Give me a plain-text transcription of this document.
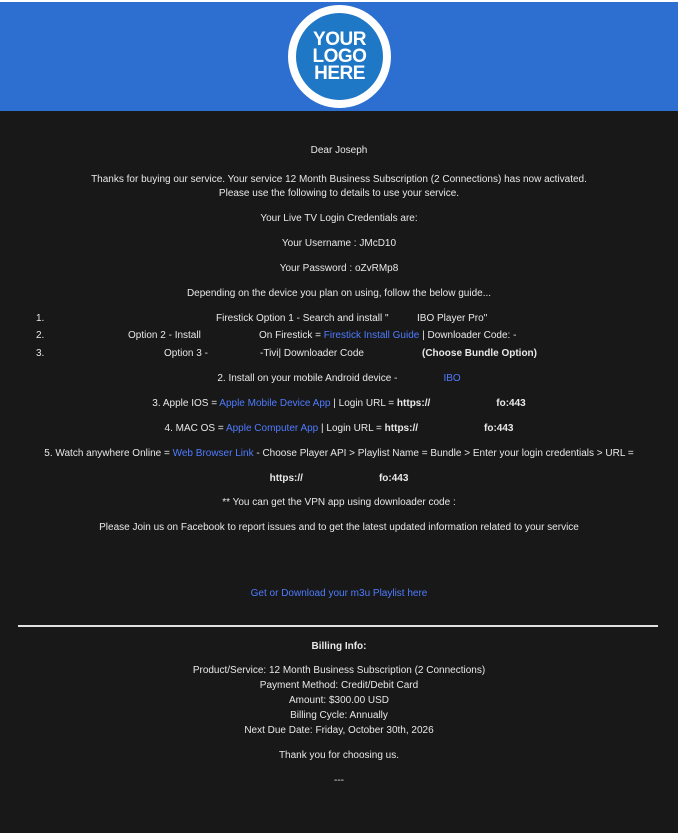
YOUR
LOGO
HERE
Dear Joseph
Thanks for buying our service. Your service 12 Month Business Subscription (2 Connections) has now activated.
Please use the following to details to use your service.
Your Live TV Login Credentials are:
Your Username : JMcD10
Your Password : oZvRMp8
Depending on the device you plan on using, follow the below guide...
1.	Firestick Option 1 - Search and install "	IBO Player Pro"
2.	Option 2 - Install	On Firestick = Firestick Install Guide | Downloader Code: -
3.	Option 3 -	-Tivi| Downloader Code	(Choose Bundle Option)
2. Install on your mobile Android device -	IBO
3. Apple IOS = Apple Mobile Device App | Login URL = https://	fo:443
4. MAC OS = Apple Computer App | Login URL = https://	fo:443
5. Watch anywhere Online = Web Browser Link - Choose Player API > Playlist Name = Bundle > Enter your login credentials > URL =
https://	fo:443
** You can get the VPN app using downloader code :
Please Join us on Facebook to report issues and to get the latest updated information related to your service
Get or Download your m3u Playlist here
Billing Info:
Product/Service: 12 Month Business Subscription (2 Connections)
Payment Method: Credit/Debit Card
Amount: $300.00 USD
Billing Cycle: Annually
Next Due Date: Friday, October 30th, 2026
Thank you for choosing us.
---
